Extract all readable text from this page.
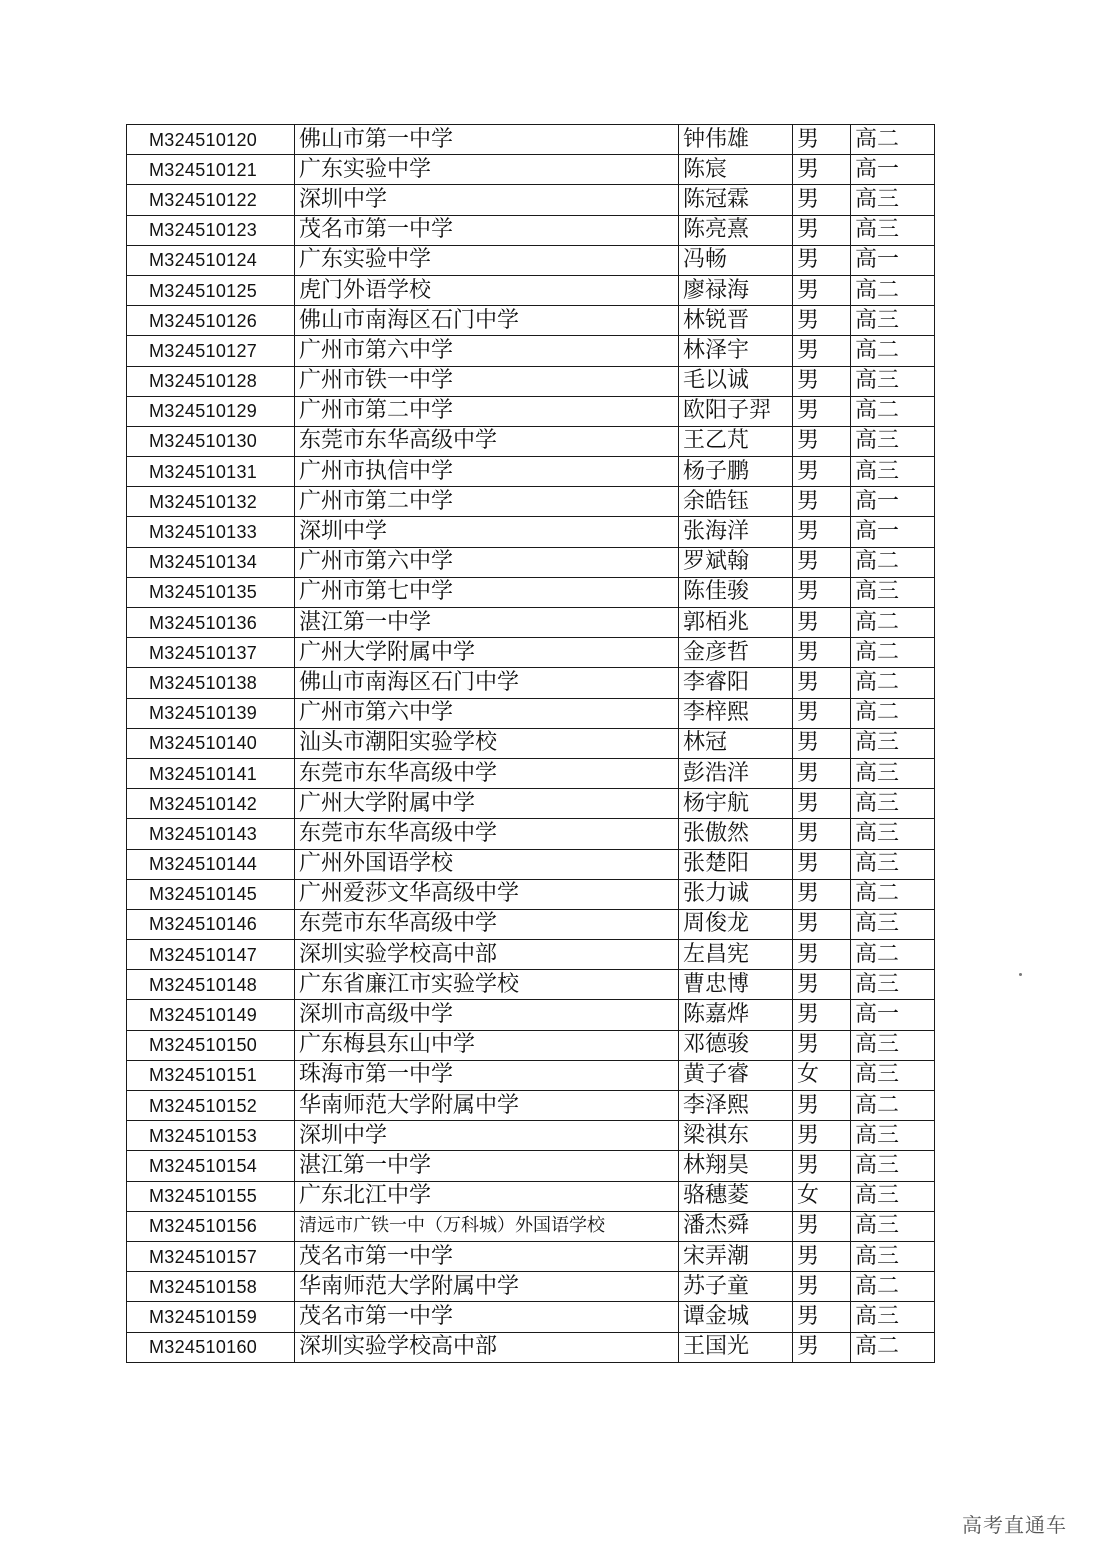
M324510120	佛山市第一中学	钟伟雄	男	高二
M324510121	广东实验中学	陈宸	男	高一
M324510122	深圳中学	陈冠霖	男	高三
M324510123	茂名市第一中学	陈亮熹	男	高三
M324510124	广东实验中学	冯畅	男	高一
M324510125	虎门外语学校	廖禄海	男	高二
M324510126	佛山市南海区石门中学	林锐晋	男	高三
M324510127	广州市第六中学	林泽宇	男	高二
M324510128	广州市铁一中学	毛以诚	男	高三
M324510129	广州市第二中学	欧阳子羿	男	高二
M324510130	东莞市东华高级中学	王乙芃	男	高三
M324510131	广州市执信中学	杨子鹏	男	高三
M324510132	广州市第二中学	余皓钰	男	高一
M324510133	深圳中学	张海洋	男	高一
M324510134	广州市第六中学	罗斌翰	男	高二
M324510135	广州市第七中学	陈佳骏	男	高三
M324510136	湛江第一中学	郭栢兆	男	高二
M324510137	广州大学附属中学	金彦哲	男	高二
M324510138	佛山市南海区石门中学	李睿阳	男	高二
M324510139	广州市第六中学	李梓熙	男	高二
M324510140	汕头市潮阳实验学校	林冠	男	高三
M324510141	东莞市东华高级中学	彭浩洋	男	高三
M324510142	广州大学附属中学	杨宇航	男	高三
M324510143	东莞市东华高级中学	张傲然	男	高三
M324510144	广州外国语学校	张楚阳	男	高三
M324510145	广州爱莎文华高级中学	张力诚	男	高二
M324510146	东莞市东华高级中学	周俊龙	男	高三
M324510147	深圳实验学校高中部	左昌宪	男	高二
M324510148	广东省廉江市实验学校	曹忠博	男	高三
M324510149	深圳市高级中学	陈嘉烨	男	高一
M324510150	广东梅县东山中学	邓德骏	男	高三
M324510151	珠海市第一中学	黄子睿	女	高三
M324510152	华南师范大学附属中学	李泽熙	男	高二
M324510153	深圳中学	梁祺东	男	高三
M324510154	湛江第一中学	林翔昊	男	高三
M324510155	广东北江中学	骆穗菱	女	高三
M324510156	清远市广铁一中（万科城）外国语学校	潘杰舜	男	高三
M324510157	茂名市第一中学	宋弄潮	男	高三
M324510158	华南师范大学附属中学	苏子童	男	高二
M324510159	茂名市第一中学	谭金城	男	高三
M324510160	深圳实验学校高中部	王国光	男	高二
高考直通车
